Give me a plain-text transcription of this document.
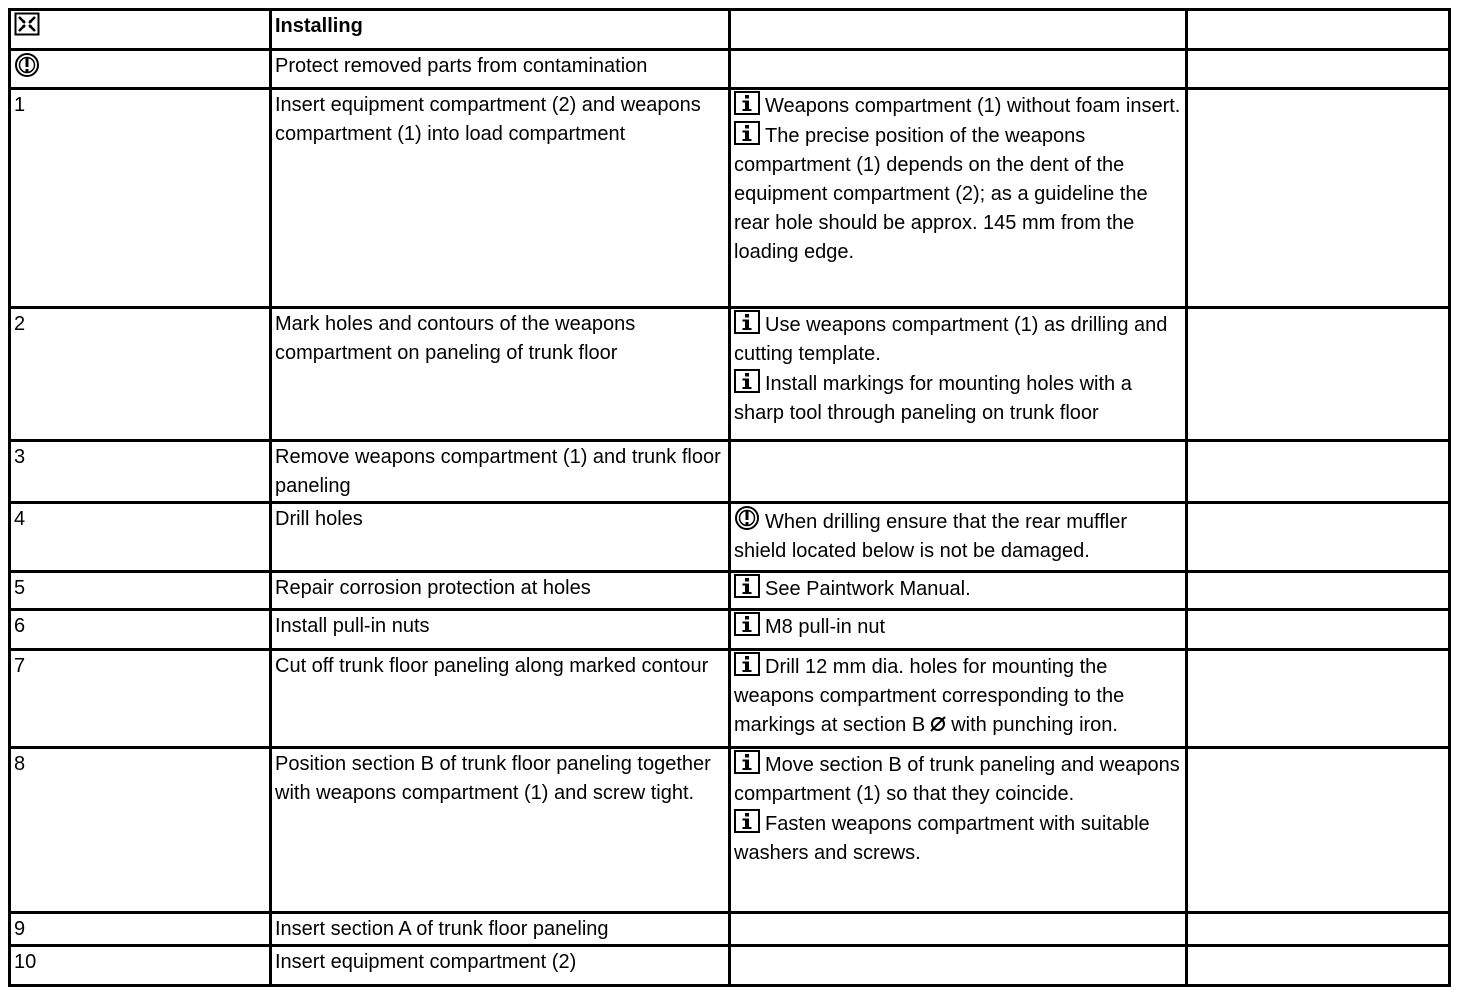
	Installing		

	Protect removed parts from contamination		
1	Insert equipment compartment (2) and weapons compartment (1) into load compartment	Weapons compartment (1) without foam insert.
The precise position of the weapons compartment (1) depends on the dent of the equipment compartment (2); as a guideline the rear hole should be approx. 145 mm from the loading edge.	

2	Mark holes and contours of the weapons compartment on paneling of trunk floor	Use weapons compartment (1) as drilling and cutting template.
Install markings for mounting holes with a sharp tool through paneling on trunk floor	

3	Remove weapons compartment (1) and trunk floor paneling		
4	Drill holes	When drilling ensure that the rear muffler shield located below is not be damaged.	

5	Repair corrosion protection at holes	See Paintwork Manual.	

6	Install pull-in nuts	M8 pull-in nut	

7	Cut off trunk floor paneling along marked contour	Drill 12 mm dia. holes for mounting the weapons compartment corresponding to the markings at section B with punching iron.	

8	Position section B of trunk floor paneling together with weapons compartment (1) and screw tight.	Move section B of trunk paneling and weapons compartment (1) so that they coincide.
Fasten weapons compartment with suitable washers and screws.	

9	Insert section A of trunk floor paneling		
10	Insert equipment compartment (2)		
